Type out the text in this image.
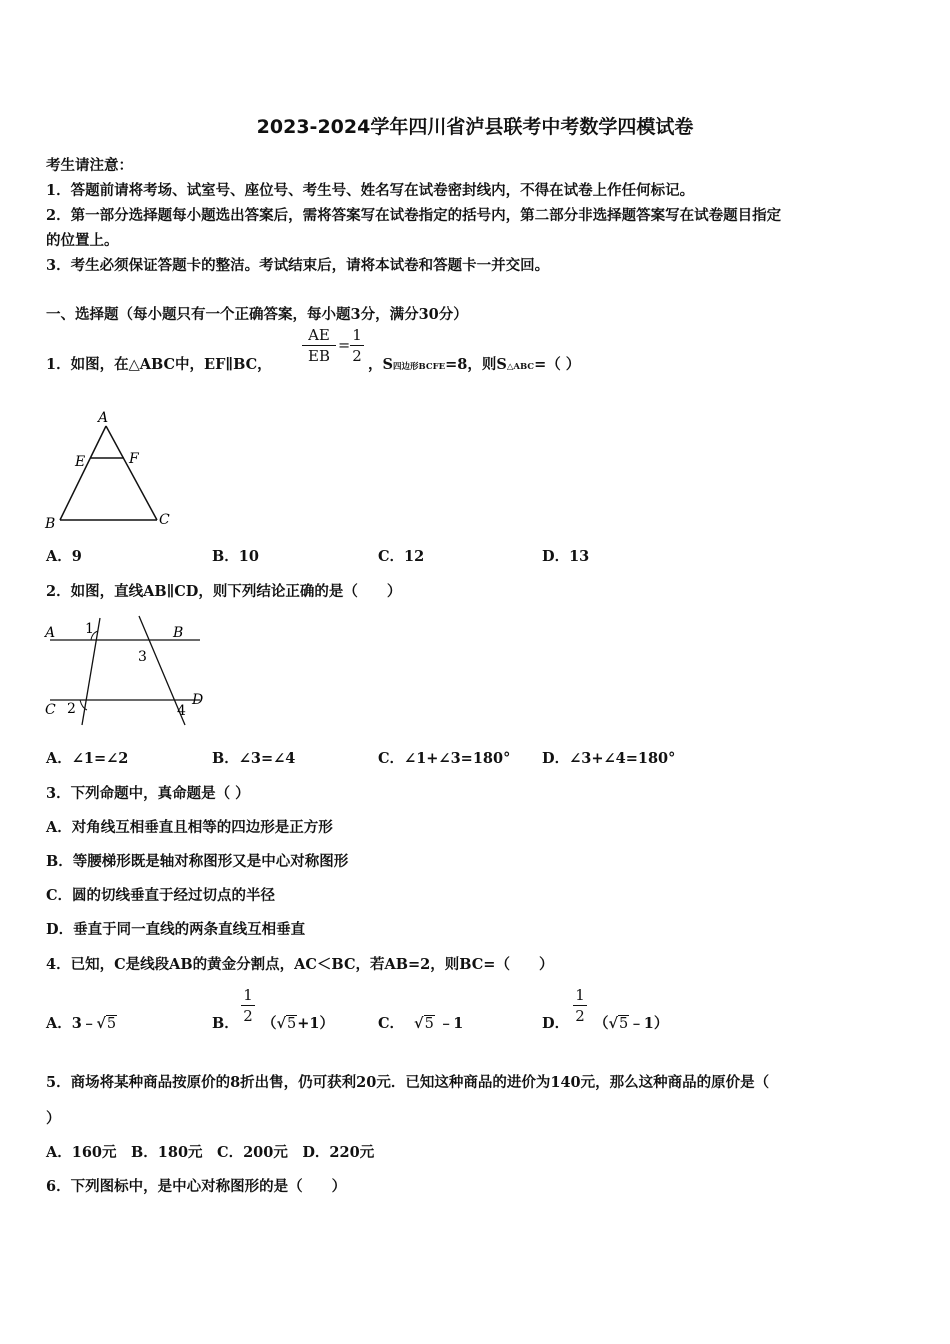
2023-2024学年四川省泸县联考中考数学四模试卷
考生请注意：
1．答题前请将考场、试室号、座位号、考生号、姓名写在试卷密封线内，不得在试卷上作任何标记。
2．第一部分选择题每小题选出答案后，需将答案写在试卷指定的括号内，第二部分非选择题答案写在试卷题目指定
的位置上。
3．考生必须保证答题卡的整洁。考试结束后，请将本试卷和答题卡一并交回。
一、选择题（每小题只有一个正确答案，每小题3分，满分30分）
1．如图，在△ABC中，EF∥BC， $\frac{AE}{EB} = \frac{1}{2}$ ，S四边形BCFE=8，则S△ABC=（ ）
A
E	F
B	C
A．9	B．10	C．12	D．13
2．如图，直线AB∥CD，则下列结论正确的是（　　）
A	B
C
D
1
2
3
4
A．∠1=∠2	B．∠3=∠4	C．∠1+∠3=180° D．∠3+∠4=180°
3．下列命题中，真命题是（ ）
A．对角线互相垂直且相等的四边形是正方形
B．等腰梯形既是轴对称图形又是中心对称图形
C．圆的切线垂直于经过切点的半径
D．垂直于同一直线的两条直线互相垂直
4．已知，C是线段AB的黄金分割点，AC＜BC，若AB=2，则BC=（　　）
A．3﹣√5	B． $\frac{1}{2} (√5+1)$	C． √5 ﹣1	D． $\frac{1}{2}$ （√5﹣1）
5．商场将某种商品按原价的8折出售，仍可获利20元．已知这种商品的进价为140元，那么这种商品的原价是（
）
A．160元　B．180元　C．200元　D．220元
6．下列图标中，是中心对称图形的是（　　）
